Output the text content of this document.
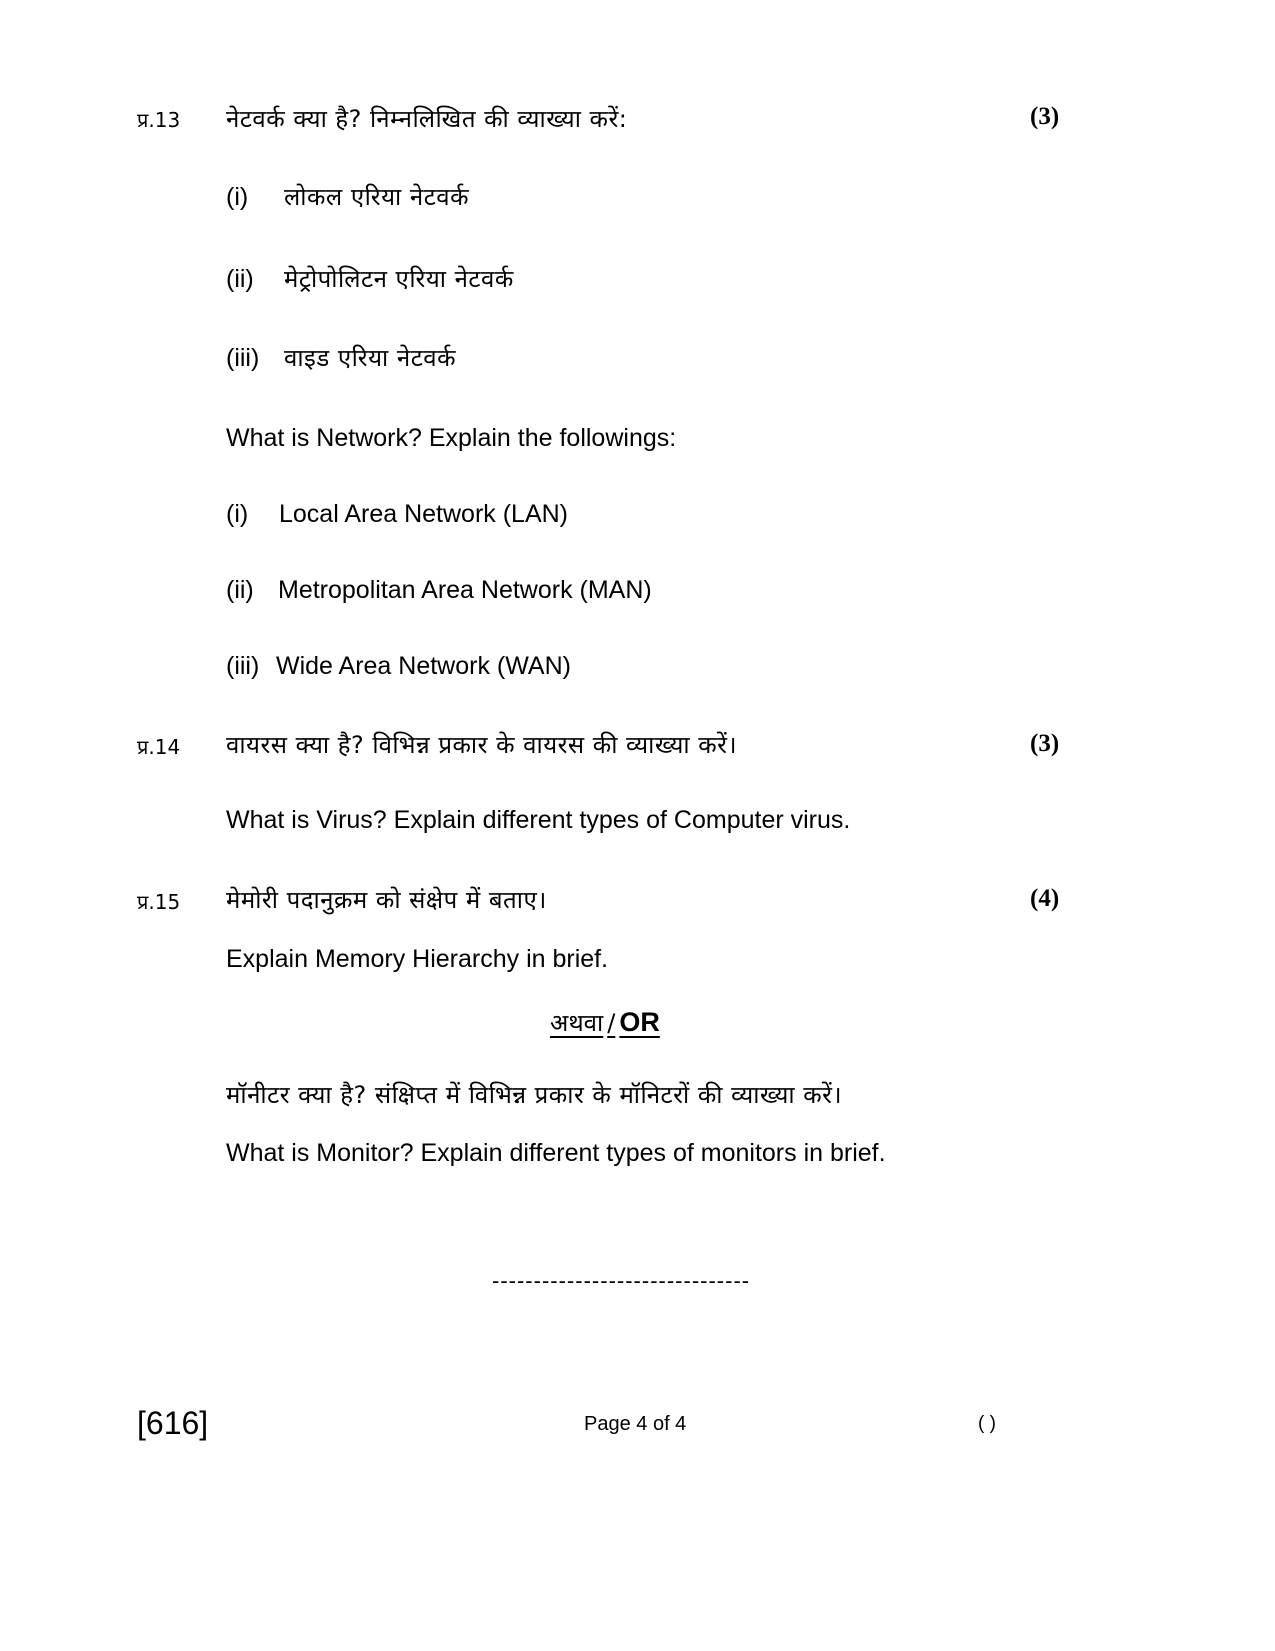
प्र.13 नेटवर्क क्या है? निम्नलिखित की व्याख्या करें:	(3)
(i) लोकल एरिया नेटवर्क
(ii) मेट्रोपोलिटन एरिया नेटवर्क
(iii) वाइड एरिया नेटवर्क
What is Network? Explain the followings:
(i) Local Area Network (LAN)
(ii) Metropolitan Area Network (MAN)
(iii) Wide Area Network (WAN)
प्र.14 वायरस क्या है? विभिन्न प्रकार के वायरस की व्याख्या करें।	(3)
What is Virus? Explain different types of Computer virus.
प्र.15 मेमोरी पदानुक्रम को संक्षेप में बताए।	(4)
Explain Memory Hierarchy in brief.
अथवा / OR
मॉनीटर क्या है? संक्षिप्त में विभिन्न प्रकार के मॉनिटरों की व्याख्या करें।
What is Monitor? Explain different types of monitors in brief.
-------------------------------
[616]	Page 4 of 4	( )
